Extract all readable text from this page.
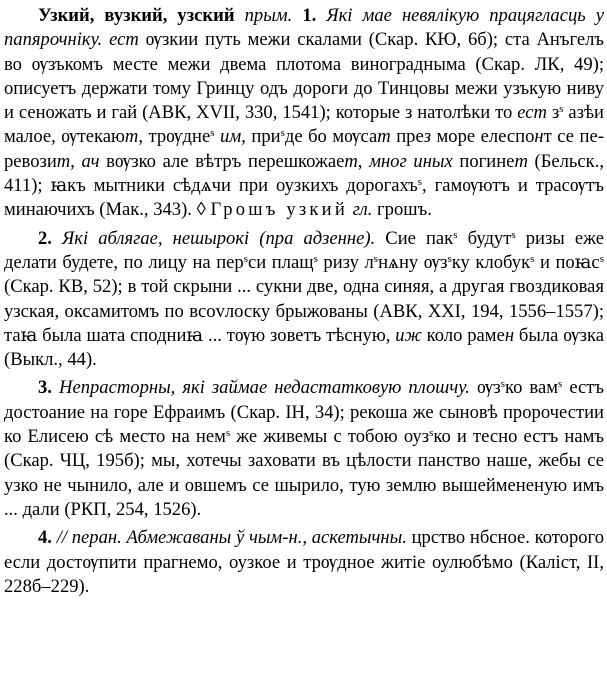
Узкий, вузкий, узский прым. 1. Які мае невялікую працягласць у папярочніку. ест ѹзкии путь межи скалами (Скар. КЮ, 6б); ста Анъгелъ во ѹзъкомъ месте межи двема плотома виноградныма (Скар. ЛК, 49); описуетъ держати тому Гринцу одъ дороги до Тинцовы межи узъкую ниву и сеножать и гай (АВК, XVII, 330, 1541); которые з натолѣки то ест $з^s$ азѣи малое, ѹтекают, трѹдне$^s$ им, при$^s$де бо мѹсат през море елеспонт се перевозит, ач вѹзко але вѣтръ перешкожает, мног иных погинет (Бельск., 411); ꙗкъ мытники сѣдѧчи при оузкихъ дорогахъ$^s$, гамѹютъ и трасѹтъ минаючихъ (Мак., 343). ◊ Грошъ узкий гл. грошъ.

2. Які аблягае, нешырокі (пра адзенне). Сие пак$^s$ будут$^s$ ризы еже делати будете, по лицу на пер$^s$си плащ$^s$ ризу $л^sнѧну$ $ѹз^sку$ клобук$^s$ и поꙗс$^s$ (Скар. КВ, 52); в той скрыни ... сукни две, одна синяя, а другая гвоздиковая узская, оксамитомъ по вcovлоску брыжованы (АВК, XXI, 194, 1556–1557); таꙗ была шата сподниꙗ ... тѹю зоветъ тѣсную, иж коло рамен была ѹзка (Выкл., 44).

3. Непрасторны, які займае недастатковую плошчу. $ѹз^sко$ вам$^s$ естъ достоание на горе Ефраимъ (Скар. ІН, 34); рекоша же сыновѣ пророчестии ко Елисею сѣ место на нем$^s$ же живемы с тобою оуз$^s$ко и тесно естъ намъ (Скар. ЧЦ, 195б); мы, хотечы заховати въ цѣлости панство наше, жебы се узко не чынило, але и овшемъ се шырило, тую землю вышеймененую имъ ... дали (РКП, 254, 1526).

4. // перан. Абмежаваны ў чым-н., аскетычны. црство нбсное. которого если достѹпити прагнемо, оузкое и трѹдное житіе оулюбѣмо (Каліст, ІІ, 228б–229).
